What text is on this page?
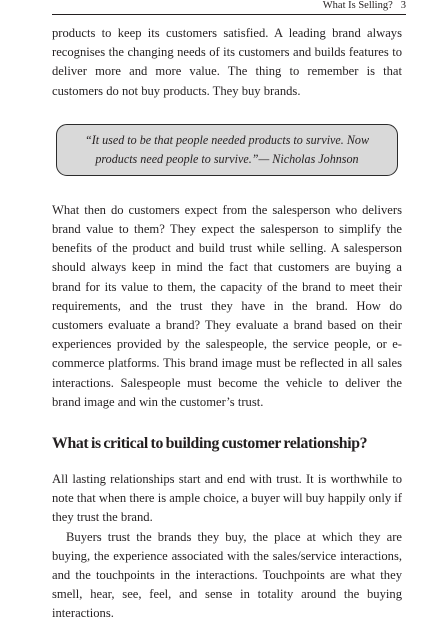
What Is Selling? 3

products to keep its customers satisfied. A leading brand always recognises the changing needs of its customers and builds features to deliver more and more value. The thing to remember is that customers do not buy products. They buy brands.

“It used to be that people needed products to survive. Now products need people to survive.”— Nicholas Johnson

What then do customers expect from the salesperson who delivers brand value to them? They expect the salesperson to simplify the benefits of the product and build trust while selling. A salesperson should always keep in mind the fact that customers are buying a brand for its value to them, the capacity of the brand to meet their requirements, and the trust they have in the brand. How do customers evaluate a brand? They evaluate a brand based on their experiences provided by the salespeople, the service people, or e-commerce platforms. This brand image must be reflected in all sales interactions. Salespeople must become the vehicle to deliver the brand image and win the customer’s trust.

What is critical to building customer relationship?

All lasting relationships start and end with trust. It is worthwhile to note that when there is ample choice, a buyer will buy happily only if they trust the brand.

Buyers trust the brands they buy, the place at which they are buying, the experience associated with the sales/service interactions, and the touchpoints in the interactions. Touchpoints are what they smell, hear, see, feel, and sense in totality around the buying interactions.
